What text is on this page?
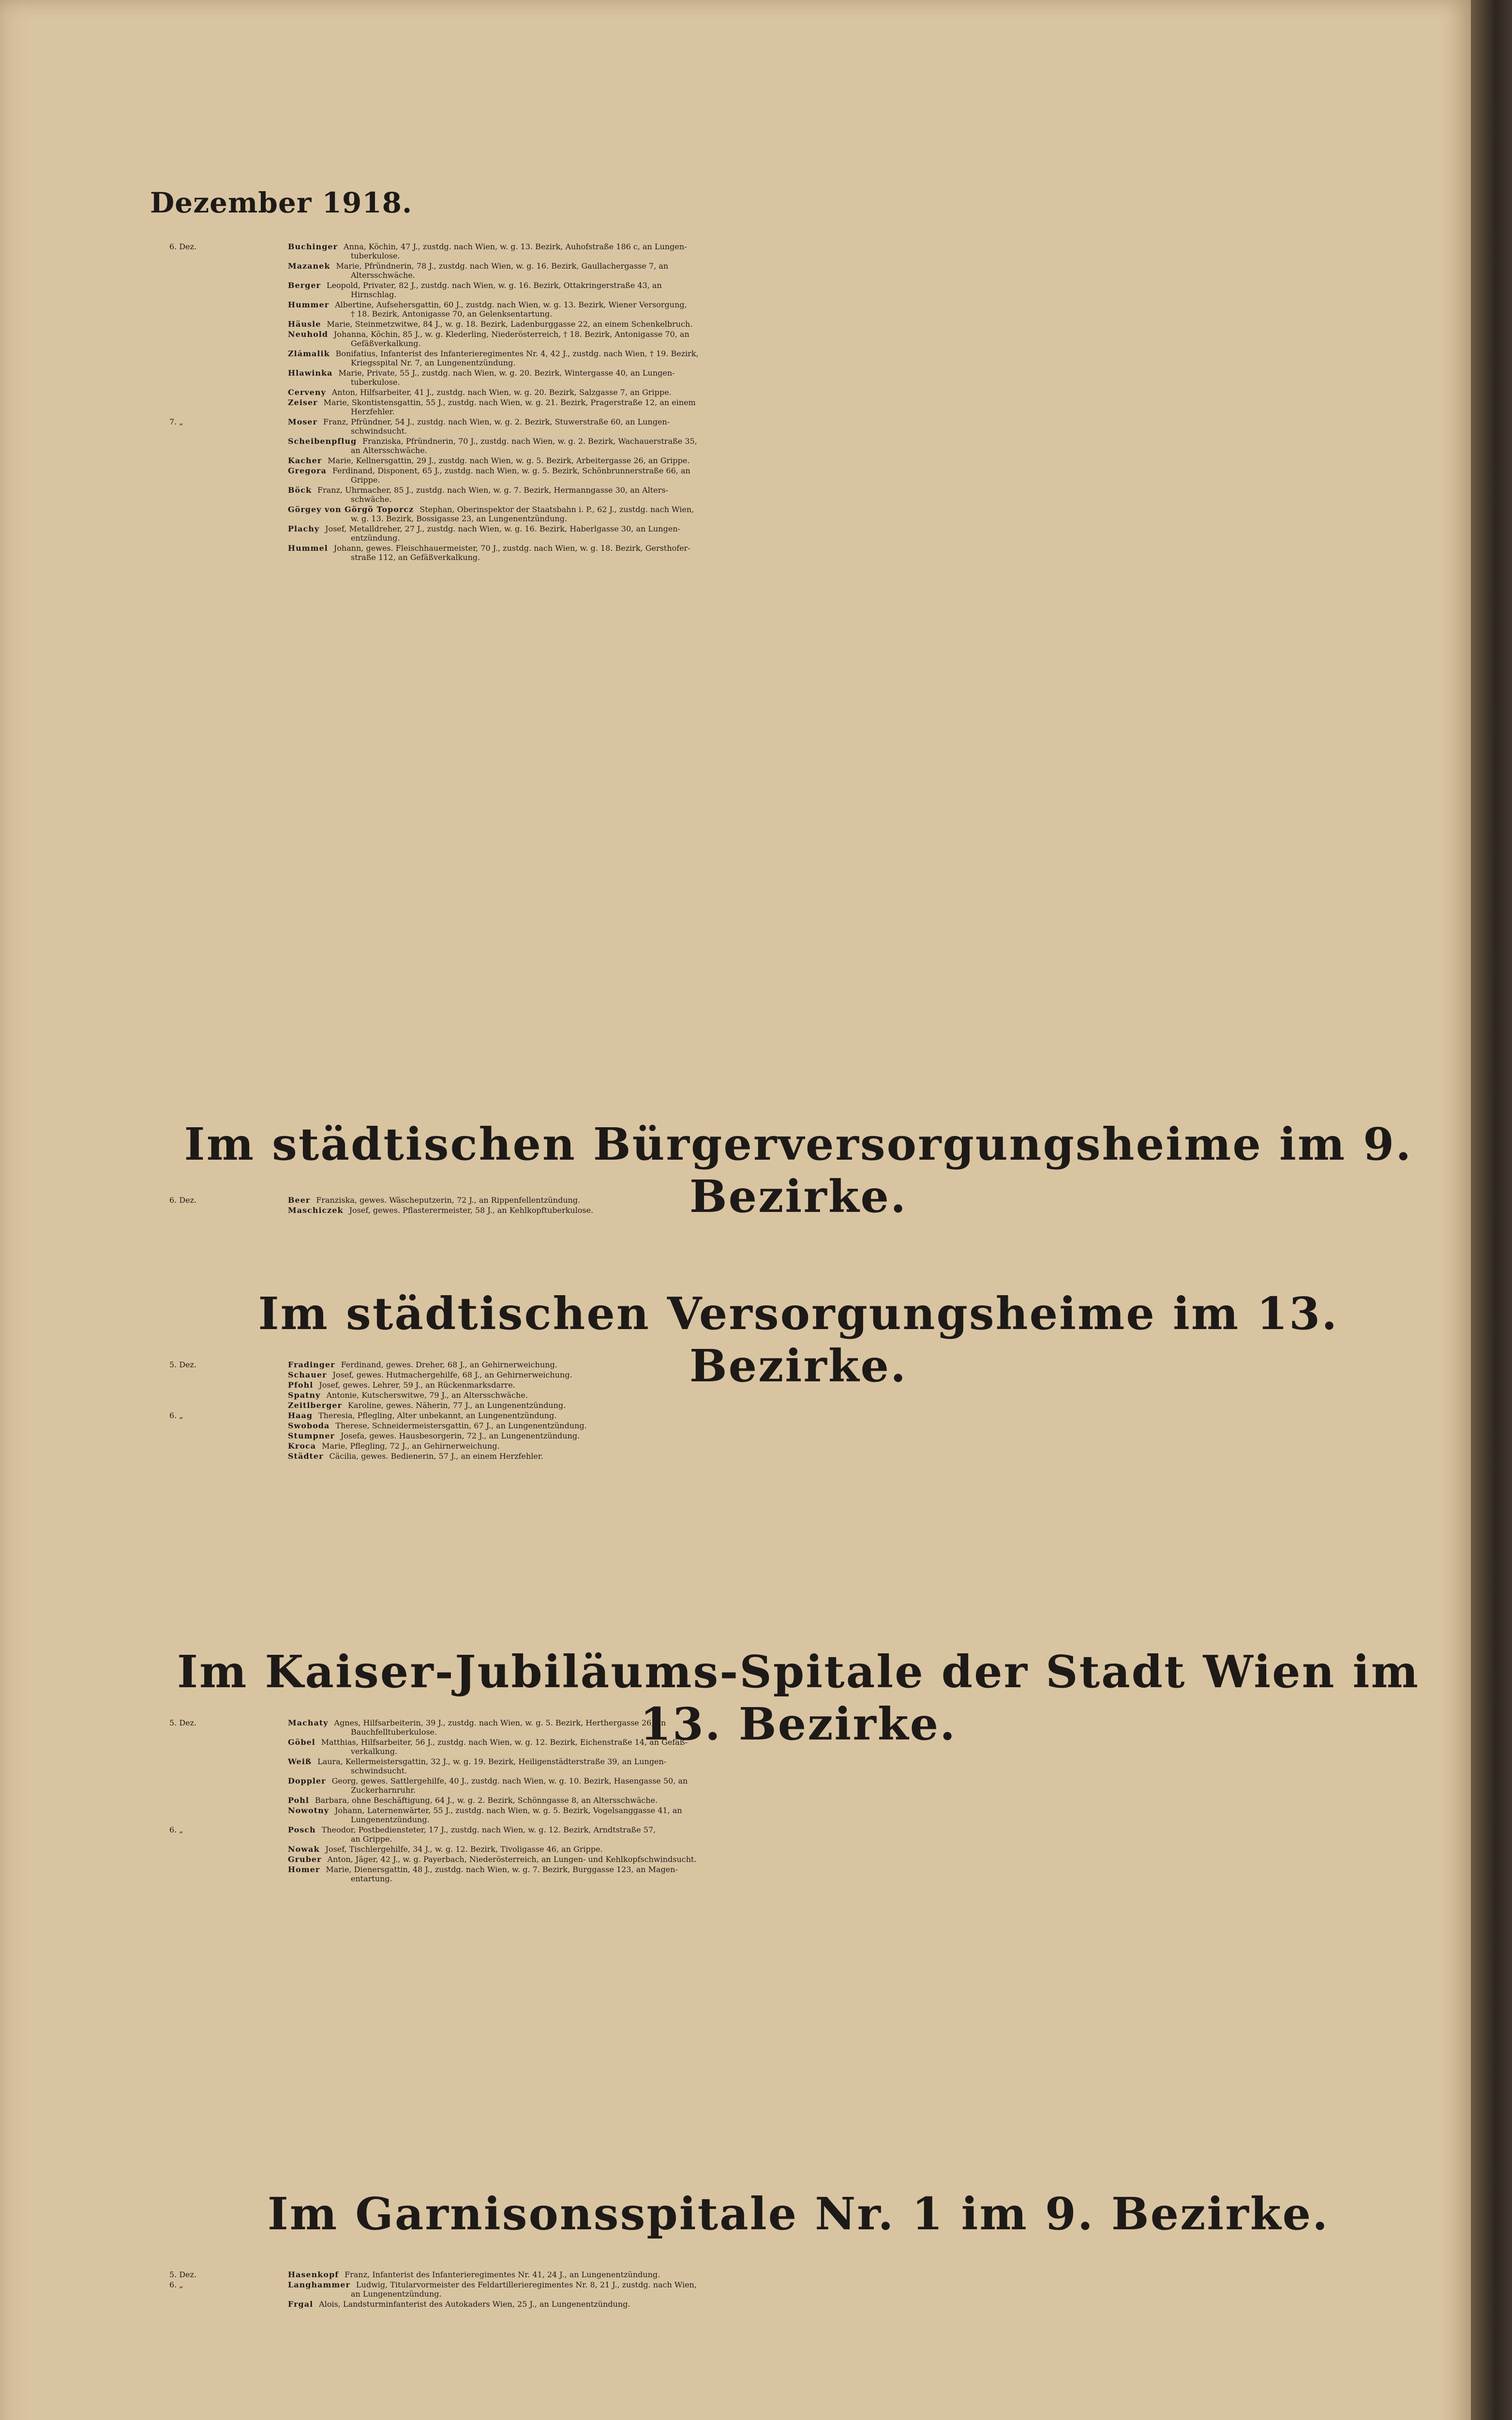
Dezember 1918.
6. Dez.	Buchinger Anna, Köchin, 47 J., zustdg. nach Wien, w. g. 13. Bezirk, Auhofstraße 186 c, an Lungen-
tuberkulose.
Mazanek Marie, Pfründnerin, 78 J., zustdg. nach Wien, w. g. 16. Bezirk, Gaullachergasse 7, an
Altersschwäche.
Berger Leopold, Privater, 82 J., zustdg. nach Wien, w. g. 16. Bezirk, Ottakringerstraße 43, an
Hirnschlag.
Hummer Albertine, Aufsehersgattin, 60 J., zustdg. nach Wien, w. g. 13. Bezirk, Wiener Versorgung,
† 18. Bezirk, Antonigasse 70, an Gelenksentartung.
Häusle Marie, Steinmetzwitwe, 84 J., w. g. 18. Bezirk, Ladenburggasse 22, an einem Schenkelbruch.
Neuhold Johanna, Köchin, 85 J., w. g. Klederling, Niederösterreich, † 18. Bezirk, Antonigasse 70, an
Gefäßverkalkung.
Zlámalik Bonifatius, Infanterist des Infanterieregimentes Nr. 4, 42 J., zustdg. nach Wien, † 19. Bezirk,
Kriegsspital Nr. 7, an Lungenentzündung.
Hlawinka Marie, Private, 55 J., zustdg. nach Wien, w. g. 20. Bezirk, Wintergasse 40, an Lungen-
tuberkulose.
Cerveny Anton, Hilfsarbeiter, 41 J., zustdg. nach Wien, w. g. 20. Bezirk, Salzgasse 7, an Grippe.
Zeiser Marie, Skontistensgattin, 55 J., zustdg. nach Wien, w. g. 21. Bezirk, Pragerstraße 12, an einem
Herzfehler.
7. „	Moser Franz, Pfründner, 54 J., zustdg. nach Wien, w. g. 2. Bezirk, Stuwerstraße 60, an Lungen-
schwindsucht.
Scheibenpflug Franziska, Pfründnerin, 70 J., zustdg. nach Wien, w. g. 2. Bezirk, Wachauerstraße 35,
an Altersschwäche.
Kacher Marie, Kellnersgattin, 29 J., zustdg. nach Wien, w. g. 5. Bezirk, Arbeitergasse 26, an Grippe.
Gregora Ferdinand, Disponent, 65 J., zustdg. nach Wien, w. g. 5. Bezirk, Schönbrunnerstraße 66, an
Grippe.
Böck Franz, Uhrmacher, 85 J., zustdg. nach Wien, w. g. 7. Bezirk, Hermanngasse 30, an Alters-
schwäche.
Görgey von Görgö Toporcz Stephan, Oberinspektor der Staatsbahn i. P., 62 J., zustdg. nach Wien,
w. g. 13. Bezirk, Bossigasse 23, an Lungenentzündung.
Plachy Josef, Metalldreher, 27 J., zustdg. nach Wien, w. g. 16. Bezirk, Haberlgasse 30, an Lungen-
entzündung.
Hummel Johann, gewes. Fleischhauermeister, 70 J., zustdg. nach Wien, w. g. 18. Bezirk, Gersthofer-
straße 112, an Gefäßverkalkung.
Im städtischen Bürgerversorgungsheime im 9. Bezirke.
6. Dez.	Beer Franziska, gewes. Wäscheputzerin, 72 J., an Rippenfellentzündung.
Maschiczek Josef, gewes. Pflasterermeister, 58 J., an Kehlkopftuberkulose.
Im städtischen Versorgungsheime im 13. Bezirke.
5. Dez.	Fradinger Ferdinand, gewes. Dreher, 68 J., an Gehirnerweichung.
Schauer Josef, gewes. Hutmachergehilfe, 68 J., an Gehirnerweichung.
Pfohl Josef, gewes. Lehrer, 59 J., an Rückenmarksdarre.
Spatny Antonie, Kutscherswitwe, 79 J., an Altersschwäche.
Zeitlberger Karoline, gewes. Näherin, 77 J., an Lungenentzündung.
6. „	Haag Theresia, Pflegling, Alter unbekannt, an Lungenentzündung.
Swoboda Therese, Schneidermeistersgattin, 67 J., an Lungenentzündung.
Stumpner Josefa, gewes. Hausbesorgerin, 72 J., an Lungenentzündung.
Kroca Marie, Pflegling, 72 J., an Gehirnerweichung.
Städter Cäcilia, gewes. Bedienerin, 57 J., an einem Herzfehler.
Im Kaiser-Jubiläums-Spitale der Stadt Wien im 13. Bezirke.
5. Dez.	Machaty Agnes, Hilfsarbeiterin, 39 J., zustdg. nach Wien, w. g. 5. Bezirk, Herthergasse 26, an
Bauchfelltuberkulose.
Göbel Matthias, Hilfsarbeiter, 56 J., zustdg. nach Wien, w. g. 12. Bezirk, Eichenstraße 14, an Gefäß-
verkalkung.
Weiß Laura, Kellermeistersgattin, 32 J., w. g. 19. Bezirk, Heiligenstädterstraße 39, an Lungen-
schwindsucht.
Doppler Georg, gewes. Sattlergehilfe, 40 J., zustdg. nach Wien, w. g. 10. Bezirk, Hasengasse 50, an
Zuckerharnruhr.
Pohl Barbara, ohne Beschäftigung, 64 J., w. g. 2. Bezirk, Schönngasse 8, an Altersschwäche.
Nowotny Johann, Laternenwärter, 55 J., zustdg. nach Wien, w. g. 5. Bezirk, Vogelsanggasse 41, an
Lungenentzündung.
6. „	Posch Theodor, Postbediensteter, 17 J., zustdg. nach Wien, w. g. 12. Bezirk, Arndtstraße 57,
an Grippe.
Nowak Josef, Tischlergehilfe, 34 J., w. g. 12. Bezirk, Tivoligasse 46, an Grippe.
Gruber Anton, Jäger, 42 J., w. g. Payerbach, Niederösterreich, an Lungen- und Kehlkopfschwindsucht.
Homer Marie, Dienersgattin, 48 J., zustdg. nach Wien, w. g. 7. Bezirk, Burggasse 123, an Magen-
entartung.
Im Garnisonsspitale Nr. 1 im 9. Bezirke.
5. Dez.	Hasenkopf Franz, Infanterist des Infanterieregimentes Nr. 41, 24 J., an Lungenentzündung.
6. „	Langhammer Ludwig, Titularvormeister des Feldartillerieregimentes Nr. 8, 21 J., zustdg. nach Wien,
an Lungenentzündung.
Frgal Alois, Landsturminfanterist des Autokaders Wien, 25 J., an Lungenentzündung.
